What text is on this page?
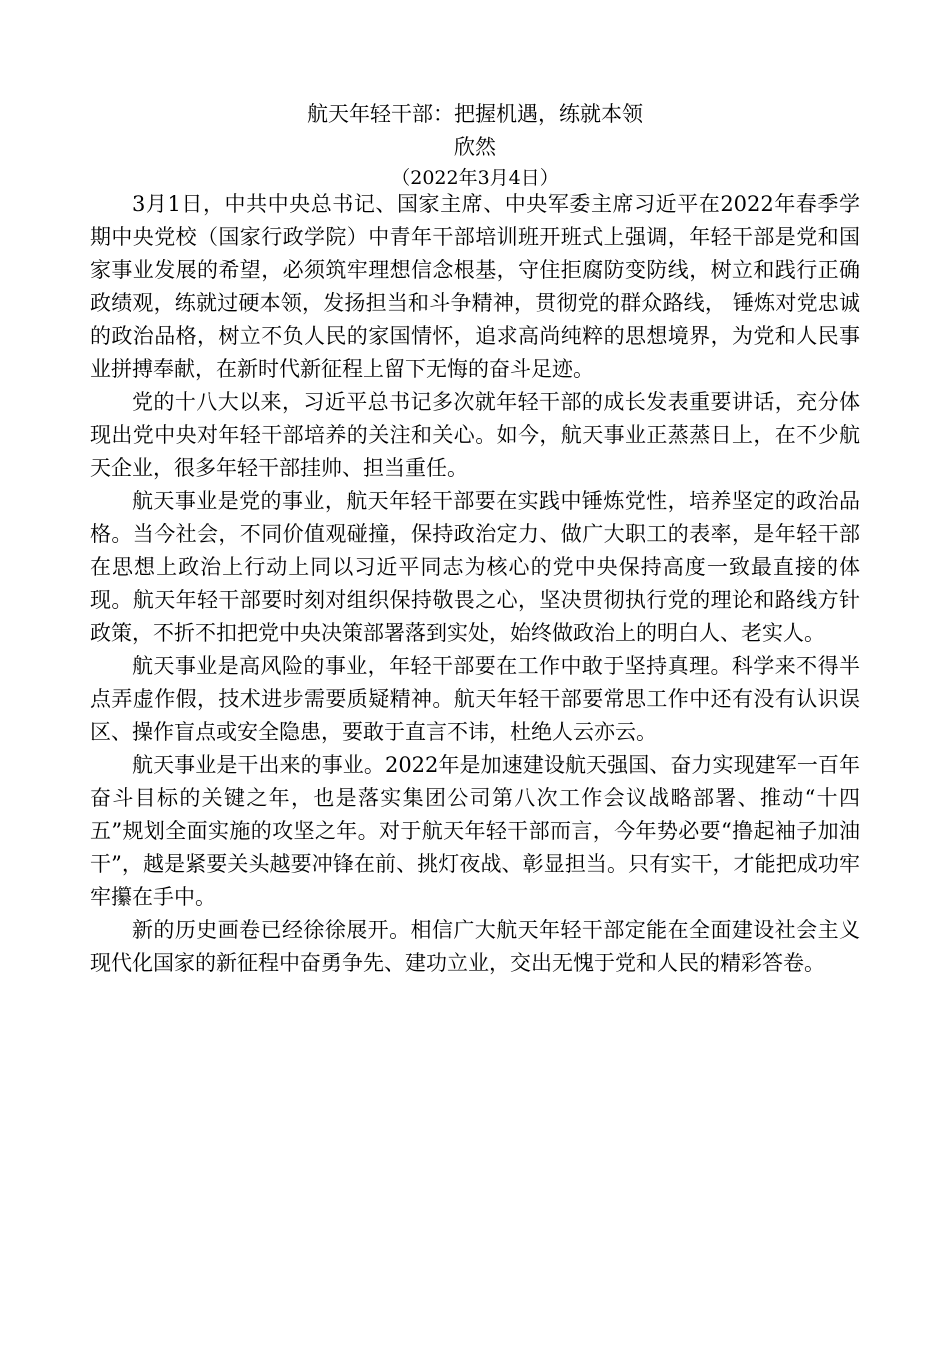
航天年轻干部：把握机遇，练就本领
欣然
（2022年3月4日）

3月1日，中共中央总书记、国家主席、中央军委主席习近平在2022年春季学期中央党校（国家行政学院）中青年干部培训班开班式上强调，年轻干部是党和国家事业发展的希望，必须筑牢理想信念根基，守住拒腐防变防线，树立和践行正确政绩观，练就过硬本领，发扬担当和斗争精神，贯彻党的群众路线， 锤炼对党忠诚的政治品格，树立不负人民的家国情怀，追求高尚纯粹的思想境界，为党和人民事业拼搏奉献，在新时代新征程上留下无悔的奋斗足迹。

党的十八大以来，习近平总书记多次就年轻干部的成长发表重要讲话，充分体现出党中央对年轻干部培养的关注和关心。如今，航天事业正蒸蒸日上，在不少航天企业，很多年轻干部挂帅、担当重任。

航天事业是党的事业，航天年轻干部要在实践中锤炼党性，培养坚定的政治品格。当今社会，不同价值观碰撞，保持政治定力、做广大职工的表率，是年轻干部在思想上政治上行动上同以习近平同志为核心的党中央保持高度一致最直接的体现。航天年轻干部要时刻对组织保持敬畏之心，坚决贯彻执行党的理论和路线方针政策，不折不扣把党中央决策部署落到实处，始终做政治上的明白人、老实人。

航天事业是高风险的事业，年轻干部要在工作中敢于坚持真理。科学来不得半点弄虚作假，技术进步需要质疑精神。航天年轻干部要常思工作中还有没有认识误区、操作盲点或安全隐患，要敢于直言不讳，杜绝人云亦云。

航天事业是干出来的事业。2022年是加速建设航天强国、奋力实现建军一百年奋斗目标的关键之年，也是落实集团公司第八次工作会议战略部署、推动“十四五”规划全面实施的攻坚之年。对于航天年轻干部而言，今年势必要“撸起袖子加油干”，越是紧要关头越要冲锋在前、挑灯夜战、彰显担当。只有实干，才能把成功牢牢攥在手中。

新的历史画卷已经徐徐展开。相信广大航天年轻干部定能在全面建设社会主义现代化国家的新征程中奋勇争先、建功立业，交出无愧于党和人民的精彩答卷。
